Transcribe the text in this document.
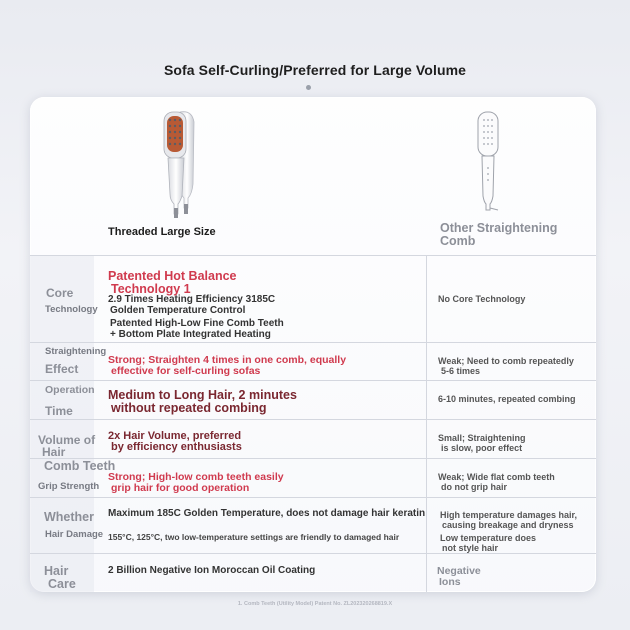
Sofa Self-Curling/Preferred for Large Volume
Threaded Large Size	Other Straightening Comb
Core
Technology
Patented Hot Balance
Technology 1
2.9 Times Heating Efficiency 3185C
Golden Temperature Control
Patented High-Low Fine Comb Teeth
+ Bottom Plate Integrated Heating
No Core Technology
Straightening
Effect
Strong; Straighten 4 times in one comb, equally
effective for self-curling sofas
Weak; Need to comb repeatedly
5-6 times
Operation
Time
Medium to Long Hair, 2 minutes
without repeated combing
6-10 minutes, repeated combing
Volume of
Hair
2x Hair Volume, preferred
by efficiency enthusiasts
Small; Straightening
is slow, poor effect
Comb Teeth
Grip Strength
Strong; High-low comb teeth easily
grip hair for good operation
Weak; Wide flat comb teeth
do not grip hair
Whether
Hair Damage
Maximum 185C Golden Temperature, does not damage hair keratin
155°C, 125°C, two low-temperature settings are friendly to damaged hair
High temperature damages hair,
causing breakage and dryness
Low temperature does
not style hair
Hair
Care
2 Billion Negative Ion Moroccan Oil Coating	Negative
Ions
1. Comb Teeth (Utility Model) Patent No. ZL202320268819.X
